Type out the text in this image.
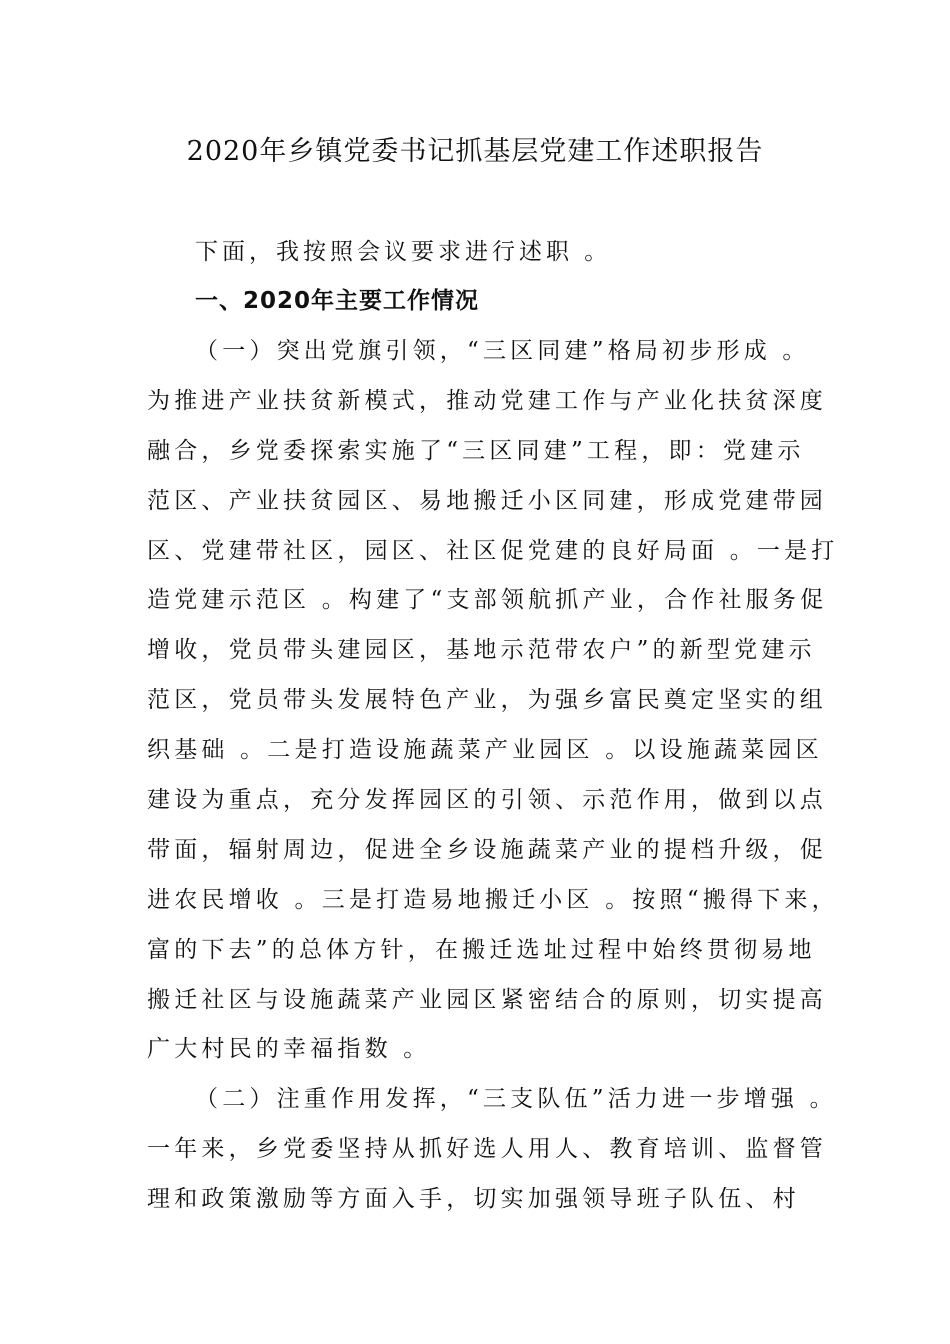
2020年乡镇党委书记抓基层党建工作述职报告
下面，我按照会议要求进行述职 。
一、2020年主要工作情况
（一）突出党旗引领，“三区同建”格局初步形成 。
为推进产业扶贫新模式，推动党建工作与产业化扶贫深度
融合，乡党委探索实施了“三区同建”工程，即：党建示
范区、产业扶贫园区、易地搬迁小区同建，形成党建带园
区、党建带社区，园区、社区促党建的良好局面 。一是打
造党建示范区 。构建了“支部领航抓产业，合作社服务促
增收，党员带头建园区，基地示范带农户”的新型党建示
范区，党员带头发展特色产业，为强乡富民奠定坚实的组
织基础 。二是打造设施蔬菜产业园区 。以设施蔬菜园区
建设为重点，充分发挥园区的引领、示范作用，做到以点
带面，辐射周边，促进全乡设施蔬菜产业的提档升级，促
进农民增收 。三是打造易地搬迁小区 。按照“搬得下来，
富的下去”的总体方针，在搬迁选址过程中始终贯彻易地
搬迁社区与设施蔬菜产业园区紧密结合的原则，切实提高
广大村民的幸福指数 。
（二）注重作用发挥，“三支队伍”活力进一步增强 。
一年来，乡党委坚持从抓好选人用人、教育培训、监督管
理和政策激励等方面入手，切实加强领导班子队伍、村
